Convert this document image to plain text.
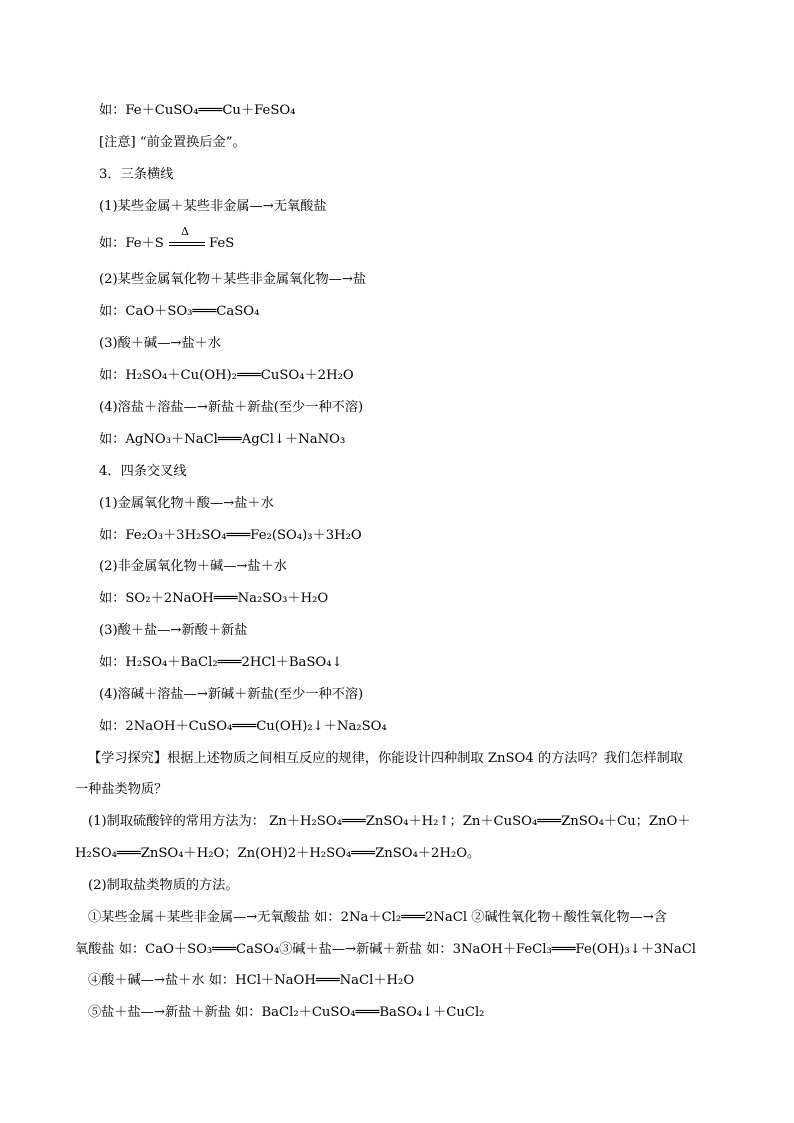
如：Fe＋CuSO₄═══Cu＋FeSO₄
[注意] “前金置换后金”。
3．三条横线
(1)某些金属＋某些非金属—→无氧酸盐
如：Fe＋S
Δ
FeS
(2)某些金属氧化物＋某些非金属氧化物—→盐
如：CaO＋SO₃═══CaSO₄
(3)酸＋碱—→盐＋水
如：H₂SO₄＋Cu(OH)₂═══CuSO₄＋2H₂O
(4)溶盐＋溶盐—→新盐＋新盐(至少一种不溶)
如：AgNO₃＋NaCl═══AgCl↓＋NaNO₃
4．四条交叉线
(1)金属氧化物＋酸—→盐＋水
如：Fe₂O₃＋3H₂SO₄═══Fe₂(SO₄)₃＋3H₂O
(2)非金属氧化物＋碱—→盐＋水
如：SO₂＋2NaOH═══Na₂SO₃＋H₂O
(3)酸＋盐—→新酸＋新盐
如：H₂SO₄＋BaCl₂═══2HCl＋BaSO₄↓
(4)溶碱＋溶盐—→新碱＋新盐(至少一种不溶)
如：2NaOH＋CuSO₄═══Cu(OH)₂↓＋Na₂SO₄
【学习探究】根据上述物质之间相互反应的规律，你能设计四种制取 ZnSO4 的方法吗？我们怎样制取
一种盐类物质？
(1)制取硫酸锌的常用方法为： Zn＋H₂SO₄═══ZnSO₄＋H₂↑；Zn＋CuSO₄═══ZnSO₄＋Cu；ZnO＋
H₂SO₄═══ZnSO₄＋H₂O；Zn(OH)2＋H₂SO₄═══ZnSO₄＋2H₂O。
(2)制取盐类物质的方法。
①某些金属＋某些非金属—→无氧酸盐 如：2Na＋Cl₂═══2NaCl ②碱性氧化物＋酸性氧化物—→含
氧酸盐 如：CaO＋SO₃═══CaSO₄③碱＋盐—→新碱＋新盐 如：3NaOH＋FeCl₃═══Fe(OH)₃↓＋3NaCl
④酸＋碱—→盐＋水 如：HCl＋NaOH═══NaCl＋H₂O
⑤盐＋盐—→新盐＋新盐 如：BaCl₂＋CuSO₄═══BaSO₄↓＋CuCl₂
